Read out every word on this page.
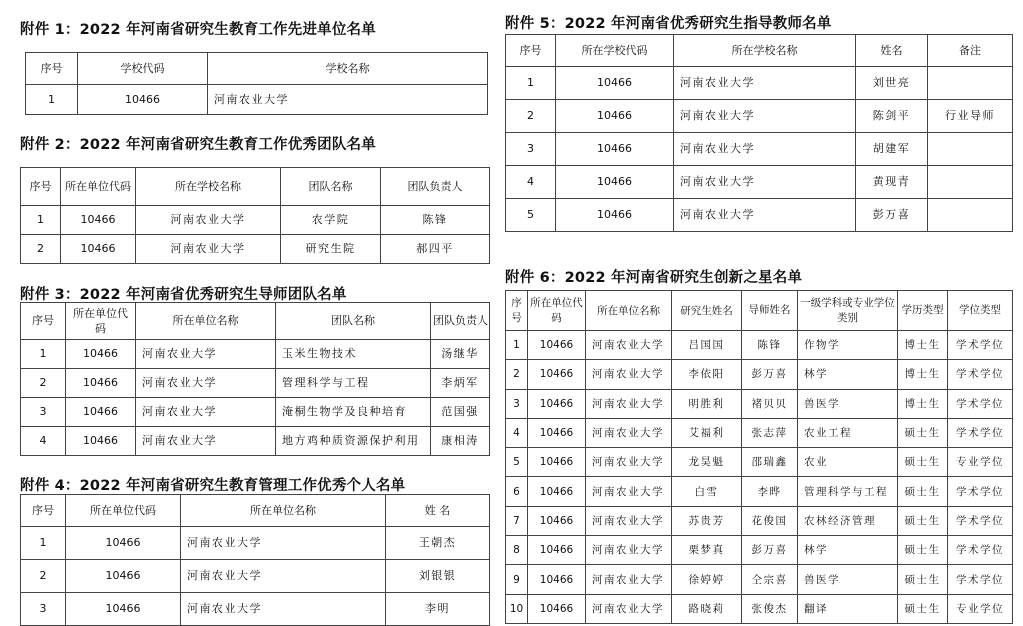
附件 1：2022 年河南省研究生教育工作先进单位名单
序号	学校代码	学校名称
1	10466	河南农业大学
附件 2：2022 年河南省研究生教育工作优秀团队名单
序号	所在单位代码	所在学校名称	团队名称	团队负责人
1	10466	河南农业大学	农学院	陈锋
2	10466	河南农业大学	研究生院	郝四平
附件 3：2022 年河南省优秀研究生导师团队名单
序号	所在单位代码	所在单位名称	团队名称	团队负责人
1	10466	河南农业大学	玉米生物技术	汤继华
2	10466	河南农业大学	管理科学与工程	李炳军
3	10466	河南农业大学	淹桐生物学及良种培育	范国强
4	10466	河南农业大学	地方鸡种质资源保护利用	康相涛
附件 4：2022 年河南省研究生教育管理工作优秀个人名单
序号	所在单位代码	所在单位名称	姓 名
1	10466	河南农业大学	王朝杰
2	10466	河南农业大学	刘银银
3	10466	河南农业大学	李明
附件 5：2022 年河南省优秀研究生指导教师名单
序号	所在学校代码	所在学校名称	姓名	备注
1	10466	河南农业大学	刘世亮	
2	10466	河南农业大学	陈剑平	行业导师
3	10466	河南农业大学	胡建军	
4	10466	河南农业大学	黄现青	
5	10466	河南农业大学	彭万喜	
附件 6：2022 年河南省研究生创新之星名单
序号	所在单位代码	所在单位名称	研究生姓名	导师姓名	一级学科或专业学位类别	学历类型	学位类型
1	10466	河南农业大学	吕国国	陈锋	作物学	博士生	学术学位
2	10466	河南农业大学	李依阳	彭万喜	林学	博士生	学术学位
3	10466	河南农业大学	明胜利	褚贝贝	兽医学	博士生	学术学位
4	10466	河南农业大学	艾福利	张志萍	农业工程	硕士生	学术学位
5	10466	河南农业大学	龙昊魁	邵瑞鑫	农业	硕士生	专业学位
6	10466	河南农业大学	白雪	李晔	管理科学与工程	硕士生	学术学位
7	10466	河南农业大学	苏贵芳	花俊国	农林经济管理	硕士生	学术学位
8	10466	河南农业大学	栗梦真	彭万喜	林学	硕士生	学术学位
9	10466	河南农业大学	徐婷婷	仝宗喜	兽医学	硕士生	学术学位
10	10466	河南农业大学	路晓莉	张俊杰	翻译	硕士生	专业学位
